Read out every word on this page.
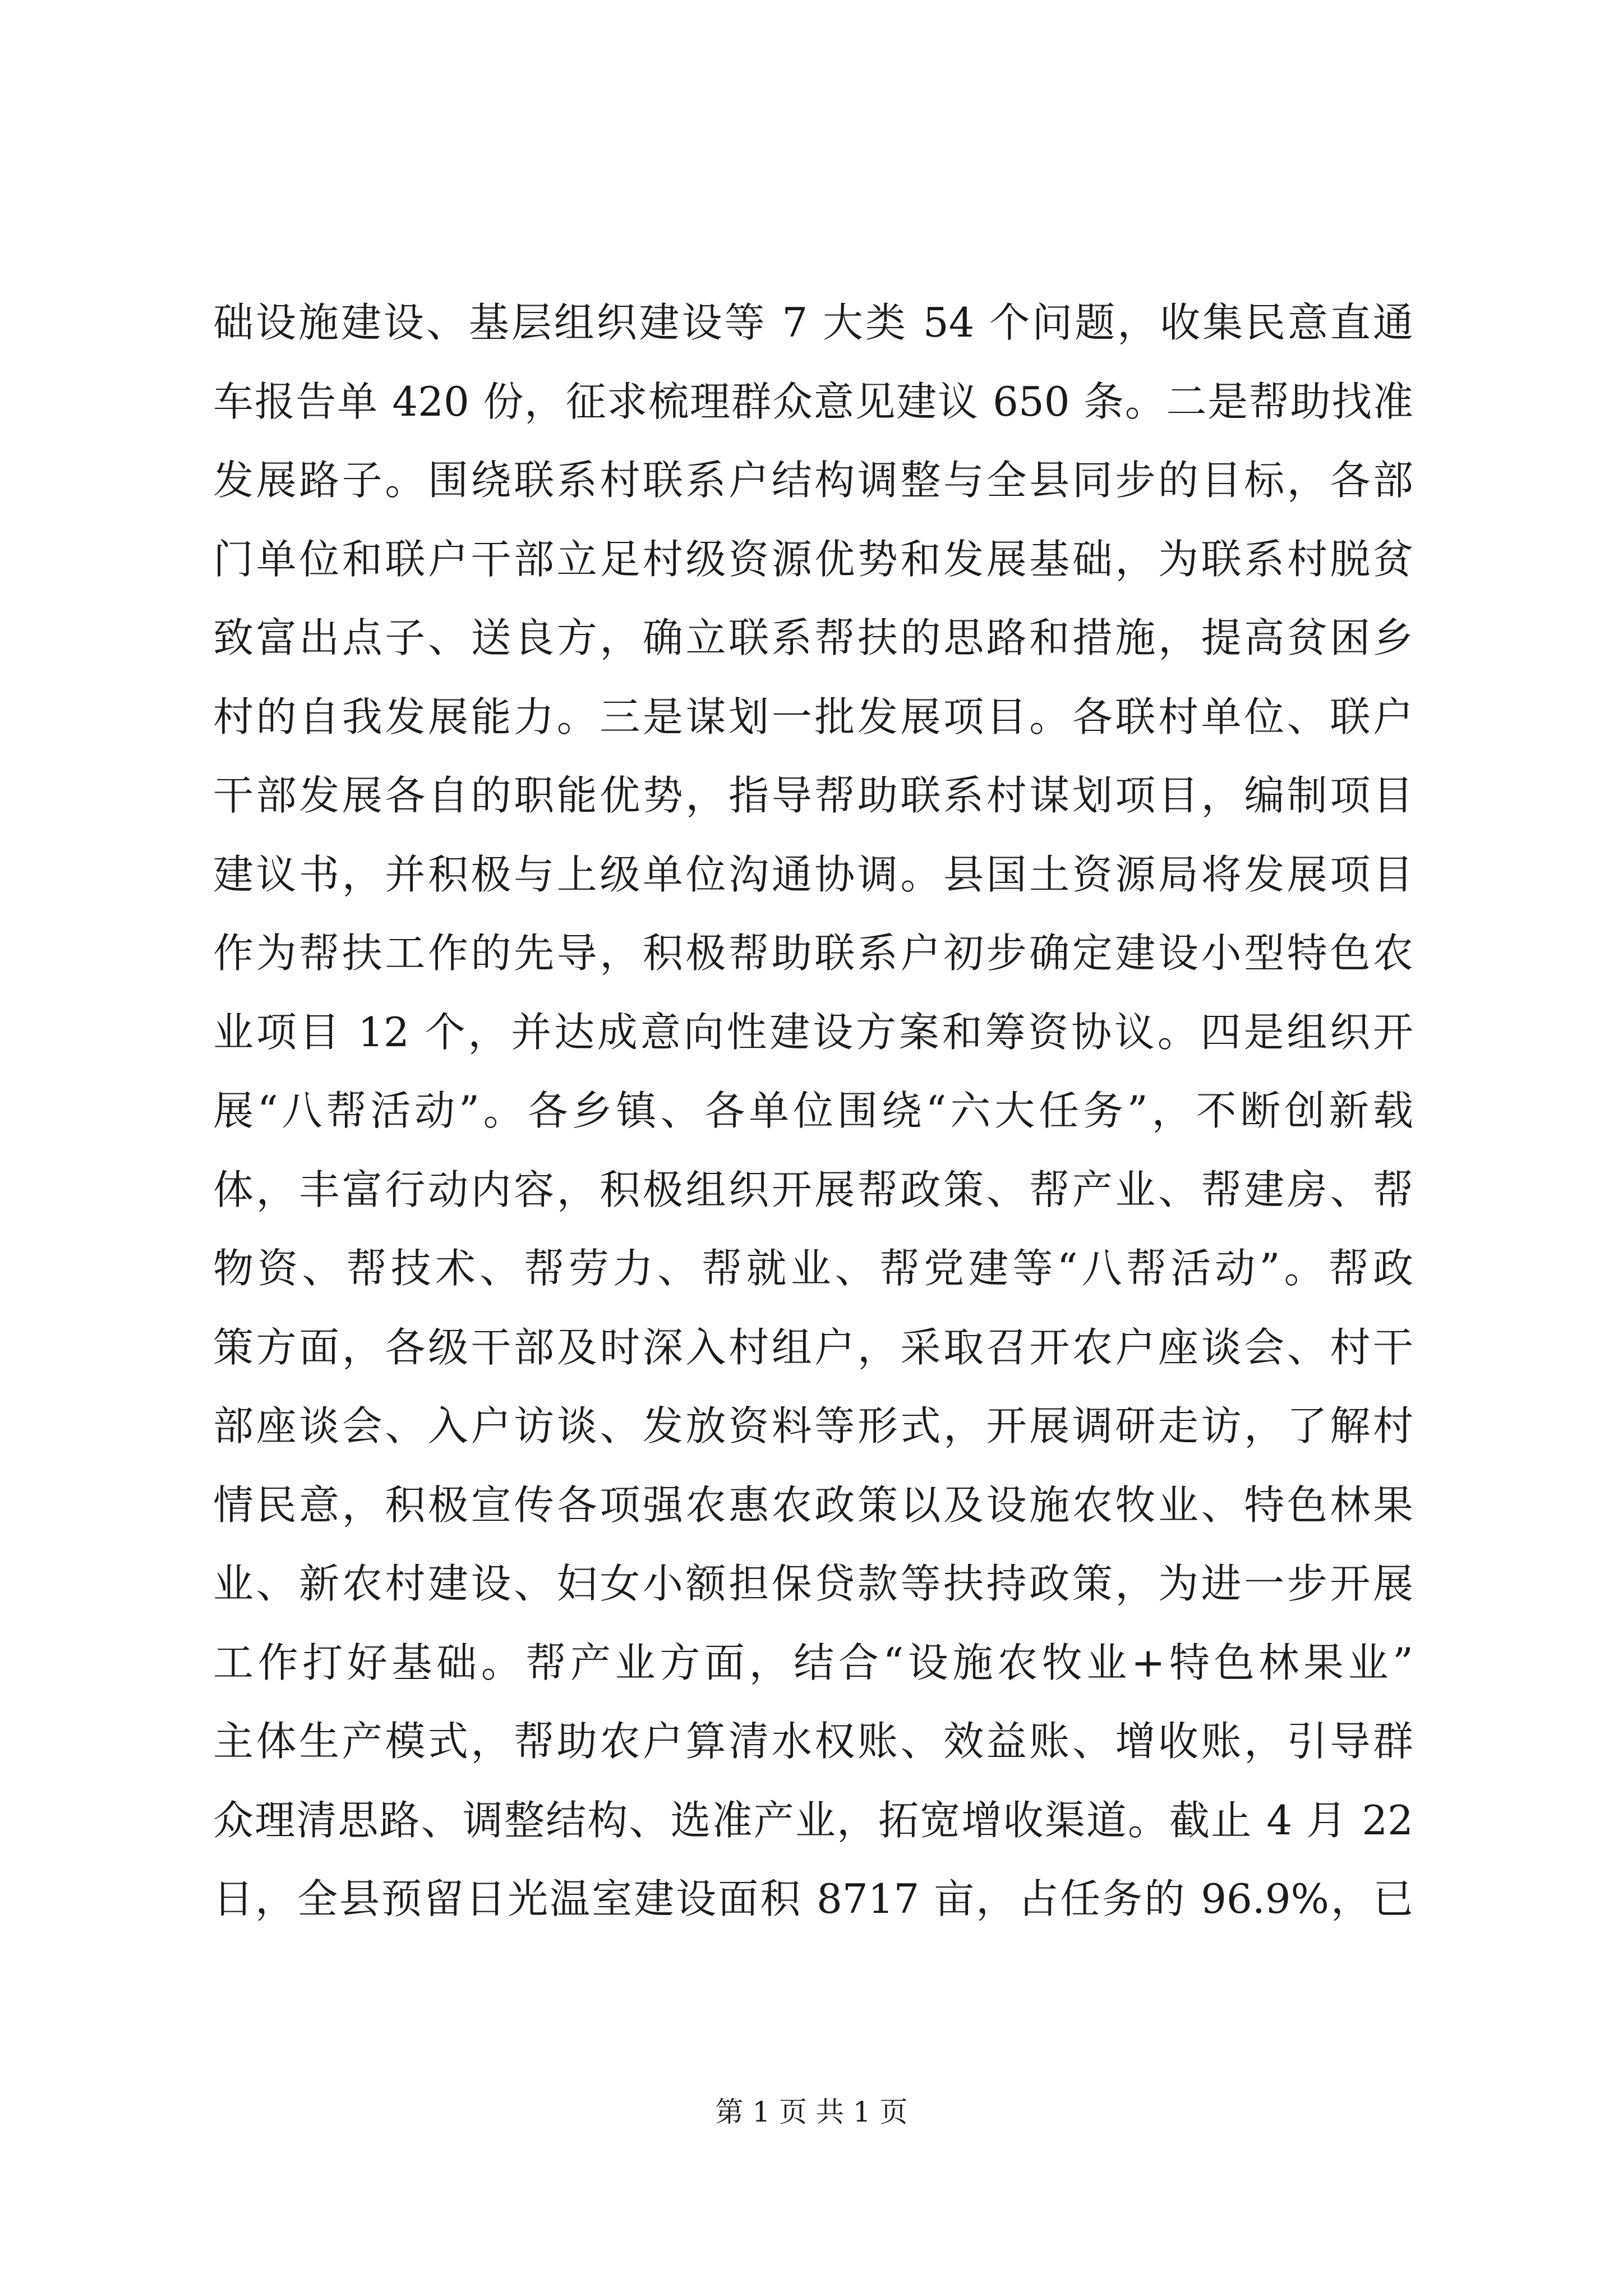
础设施建设、基层组织建设等 7 大类 54 个问题，收集民意直通
车报告单 420 份，征求梳理群众意见建议 650 条。二是帮助找准
发展路子。围绕联系村联系户结构调整与全县同步的目标，各部
门单位和联户干部立足村级资源优势和发展基础，为联系村脱贫
致富出点子、送良方，确立联系帮扶的思路和措施，提高贫困乡
村的自我发展能力。三是谋划一批发展项目。各联村单位、联户
干部发展各自的职能优势，指导帮助联系村谋划项目，编制项目
建议书，并积极与上级单位沟通协调。县国土资源局将发展项目
作为帮扶工作的先导，积极帮助联系户初步确定建设小型特色农
业项目 12 个，并达成意向性建设方案和筹资协议。四是组织开
展“八帮活动”。各乡镇、各单位围绕“六大任务”，不断创新载
体，丰富行动内容，积极组织开展帮政策、帮产业、帮建房、帮
物资、帮技术、帮劳力、帮就业、帮党建等“八帮活动”。帮政
策方面，各级干部及时深入村组户，采取召开农户座谈会、村干
部座谈会、入户访谈、发放资料等形式，开展调研走访，了解村
情民意，积极宣传各项强农惠农政策以及设施农牧业、特色林果
业、新农村建设、妇女小额担保贷款等扶持政策，为进一步开展
工作打好基础。帮产业方面，结合“设施农牧业+特色林果业”
主体生产模式，帮助农户算清水权账、效益账、增收账，引导群
众理清思路、调整结构、选准产业，拓宽增收渠道。截止 4 月 22
日，全县预留日光温室建设面积 8717 亩，占任务的 96.9%，已
第 1 页 共 1 页
